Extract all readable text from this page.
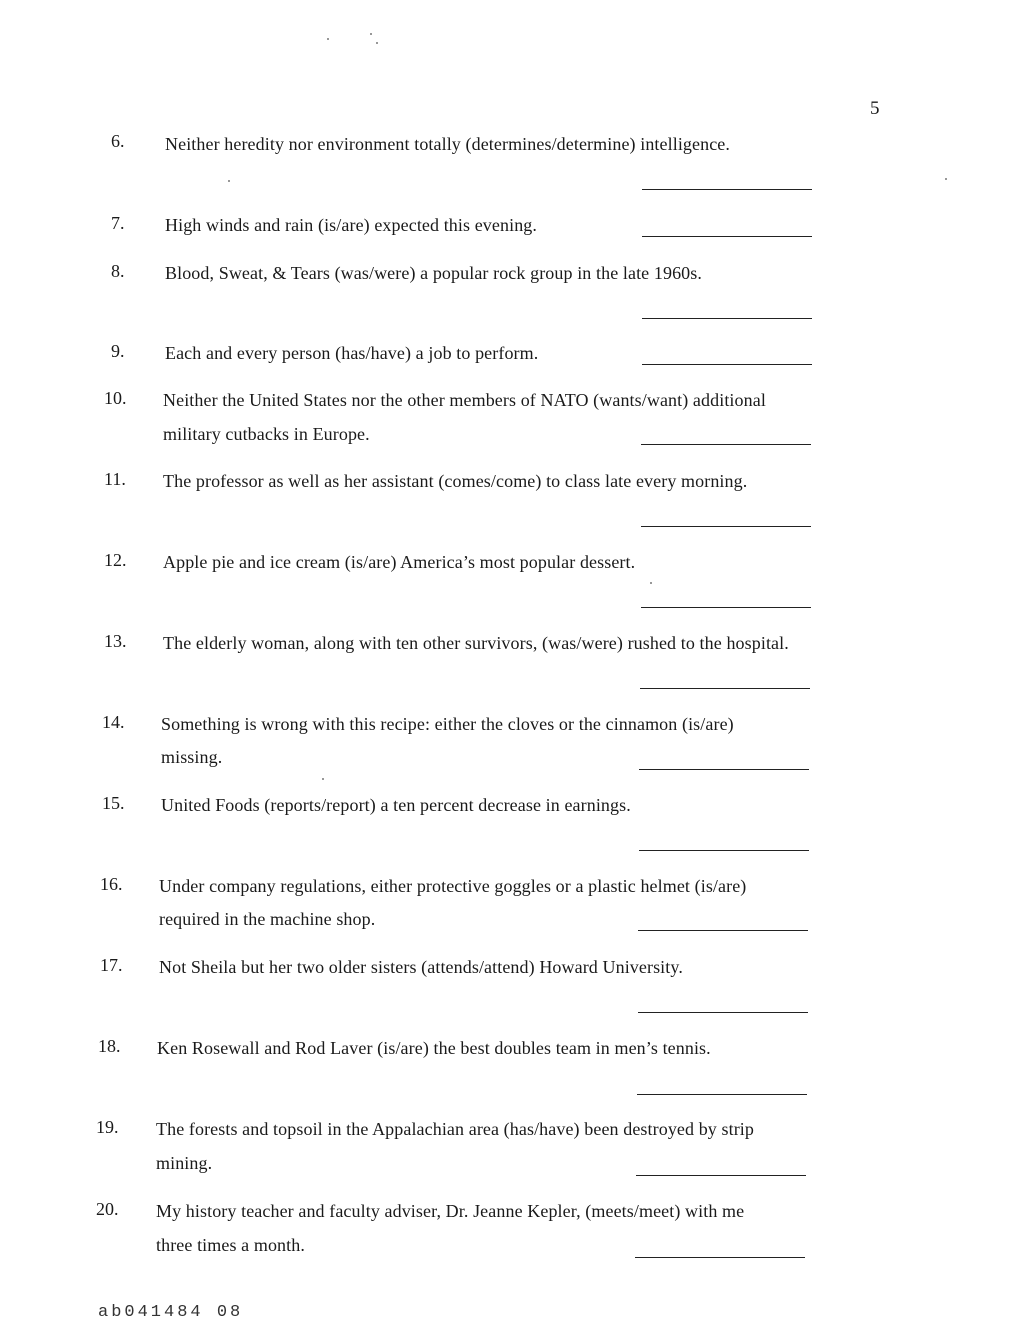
5
6. Neither heredity nor environment totally (determines/determine) intelligence.
7. High winds and rain (is/are) expected this evening.
8. Blood, Sweat, & Tears (was/were) a popular rock group in the late 1960s.
9. Each and every person (has/have) a job to perform.
10. Neither the United States nor the other members of NATO (wants/want) additional
military cutbacks in Europe.
11. The professor as well as her assistant (comes/come) to class late every morning.
12. Apple pie and ice cream (is/are) America’s most popular dessert.
13. The elderly woman, along with ten other survivors, (was/were) rushed to the hospital.
14. Something is wrong with this recipe: either the cloves or the cinnamon (is/are)
missing.
15. United Foods (reports/report) a ten percent decrease in earnings.
16. Under company regulations, either protective goggles or a plastic helmet (is/are)
required in the machine shop.
17. Not Sheila but her two older sisters (attends/attend) Howard University.
18. Ken Rosewall and Rod Laver (is/are) the best doubles team in men’s tennis.
19. The forests and topsoil in the Appalachian area (has/have) been destroyed by strip
mining.
20. My history teacher and faculty adviser, Dr. Jeanne Kepler, (meets/meet) with me
three times a month.
ab041484 08
